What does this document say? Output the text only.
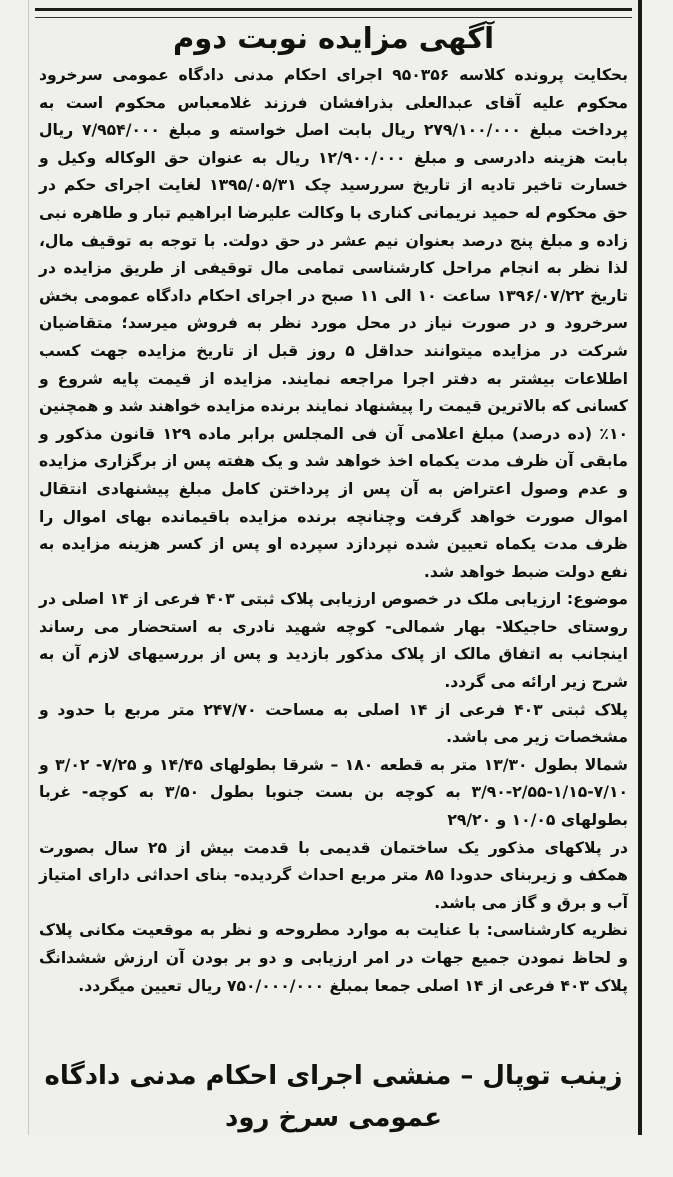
آگهی مزایده نوبت دوم

بحکایت پرونده کلاسه ۹۵۰۳۵۶ اجرای احکام مدنی دادگاه عمومی سرخرود محکوم علیه آقای عبدالعلی بذرافشان فرزند غلامعباس محکوم است به پرداخت مبلغ ۲۷۹/۱۰۰/۰۰۰ ریال بابت اصل خواسته و مبلغ ۷/۹۵۴/۰۰۰ ریال بابت هزینه دادرسی و مبلغ ۱۲/۹۰۰/۰۰۰ ریال به عنوان حق الوکاله وکیل و خسارت تاخیر تادیه از تاریخ سررسید چک ۱۳۹۵/۰۵/۳۱ لغایت اجرای حکم در حق محکوم له حمید نریمانی کناری با وکالت علیرضا ابراهیم تبار و طاهره نبی زاده و مبلغ پنج درصد بعنوان نیم عشر در حق دولت. با توجه به توقیف مال، لذا نظر به انجام مراحل کارشناسی تمامی مال توقیفی از طریق مزایده در تاریخ ۱۳۹۶/۰۷/۲۲ ساعت ۱۰ الی ۱۱ صبح در اجرای احکام دادگاه عمومی بخش سرخرود و در صورت نیاز در محل مورد نظر به فروش میرسد؛ متقاضیان شرکت در مزایده میتوانند حداقل ۵ روز قبل از تاریخ مزایده جهت کسب اطلاعات بیشتر به دفتر اجرا مراجعه نمایند. مزایده از قیمت پایه شروع و کسانی که بالاترین قیمت را پیشنهاد نمایند برنده مزایده خواهند شد و همچنین ۱۰٪ (ده درصد) مبلغ اعلامی آن فی المجلس برابر ماده ۱۲۹ قانون مذکور و مابقی آن ظرف مدت یکماه اخذ خواهد شد و یک هفته پس از برگزاری مزایده و عدم وصول اعتراض به آن پس از پرداختن کامل مبلغ پیشنهادی انتقال اموال صورت خواهد گرفت وچنانچه برنده مزایده باقیمانده بهای اموال را ظرف مدت یکماه تعیین شده نپردازد سپرده او پس از کسر هزینه مزایده به نفع دولت ضبط خواهد شد.

موضوع: ارزیابی ملک در خصوص ارزیابی پلاک ثبتی ۴۰۳ فرعی از ۱۴ اصلی در روستای حاجیکلا- بهار شمالی- کوچه شهید نادری به استحضار می رساند اینجانب به اتفاق مالک از پلاک مذکور بازدید و پس از بررسیهای لازم آن به شرح زیر ارائه می گردد.

پلاک ثبتی ۴۰۳ فرعی از ۱۴ اصلی به مساحت ۲۴۷/۷۰ متر مربع با حدود و مشخصات زیر می باشد.

شمالا بطول ۱۳/۳۰ متر به قطعه ۱۸۰ – شرقا بطولهای ۱۴/۴۵ و ۷/۲۵- ۳/۰۲ و ۷/۱۰-۱/۱۵-۲/۵۵-۳/۹۰ به کوچه بن بست جنوبا بطول ۳/۵۰ به کوچه- غربا بطولهای ۱۰/۰۵ و ۲۹/۲۰

در پلاکهای مذکور یک ساختمان قدیمی با قدمت بیش از ۲۵ سال بصورت همکف و زیربنای حدودا ۸۵ متر مربع احداث گردیده- بنای احداثی دارای امتیاز آب و برق و گاز می باشد.

نظریه کارشناسی: با عنایت به موارد مطروحه و نظر به موقعیت مکانی پلاک و لحاظ نمودن جمیع جهات در امر ارزیابی و دو بر بودن آن ارزش ششدانگ پلاک ۴۰۳ فرعی از ۱۴ اصلی جمعا بمبلغ ۷۵۰/۰۰۰/۰۰۰ ریال تعیین میگردد.

زینب توپال – منشی اجرای احکام مدنی دادگاه
عمومی سرخ رود
